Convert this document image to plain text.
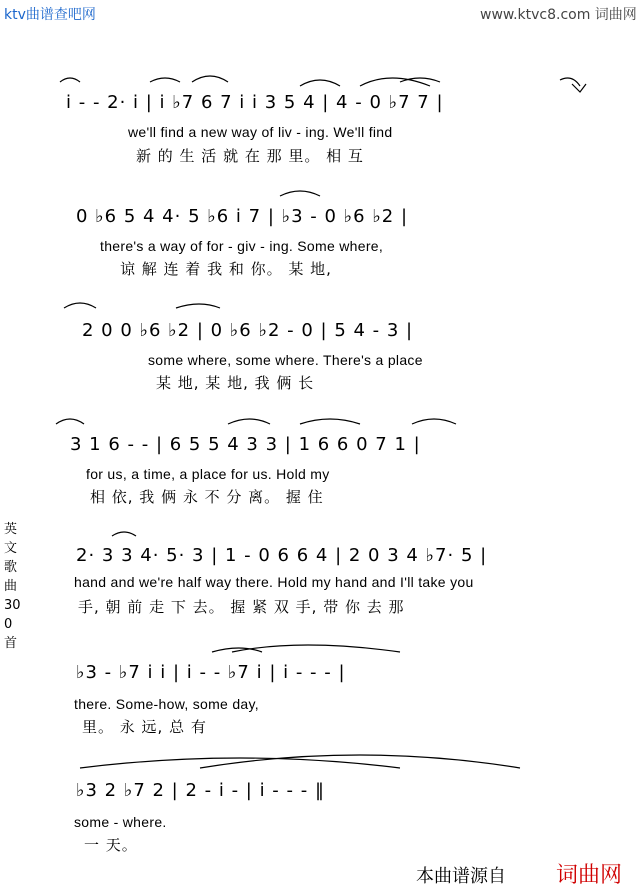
ktv曲谱查吧网	www.ktvc8.com 词曲网
i - - 2· i | i ♭7 6 7 i i 3 5 4 | 4 - 0 ♭7 7 |
we'll find a new way of liv - ing. We'll find
新 的 生 活 就 在 那 里。 相 互
0 ♭6 5 4 4· 5 ♭6 i 7 | ♭3 - 0 ♭6 ♭2 |
there's a way of for - giv - ing. Some where,
谅 解 连 着 我 和 你。 某 地,
2 0 0 ♭6 ♭2 | 0 ♭6 ♭2 - 0 | 5 4 - 3 |
some where, some where. There's a place
某 地, 某 地, 我 俩 长
3 1 6 - - | 6 5 5 4 3 3 | 1 6 6 0 7 1 |
for us, a time, a place for us. Hold my
相 依, 我 俩 永 不 分 离。 握 住
2· 3 3 4· 5· 3 | 1 - 0 6 6 4 | 2 0 3 4 ♭7· 5 |
hand and we're half way there. Hold my hand and I'll take you
手, 朝 前 走 下 去。 握 紧 双 手, 带 你 去 那
♭3 - ♭7 i i | i - - ♭7 i | i - - - |
there. Some-how, some day,
里。 永 远, 总 有
♭3 2 ♭7 2 | 2 - i - | i - - - ‖
some - where.
一 天。
英文歌曲300首
本曲谱源自 词曲网
